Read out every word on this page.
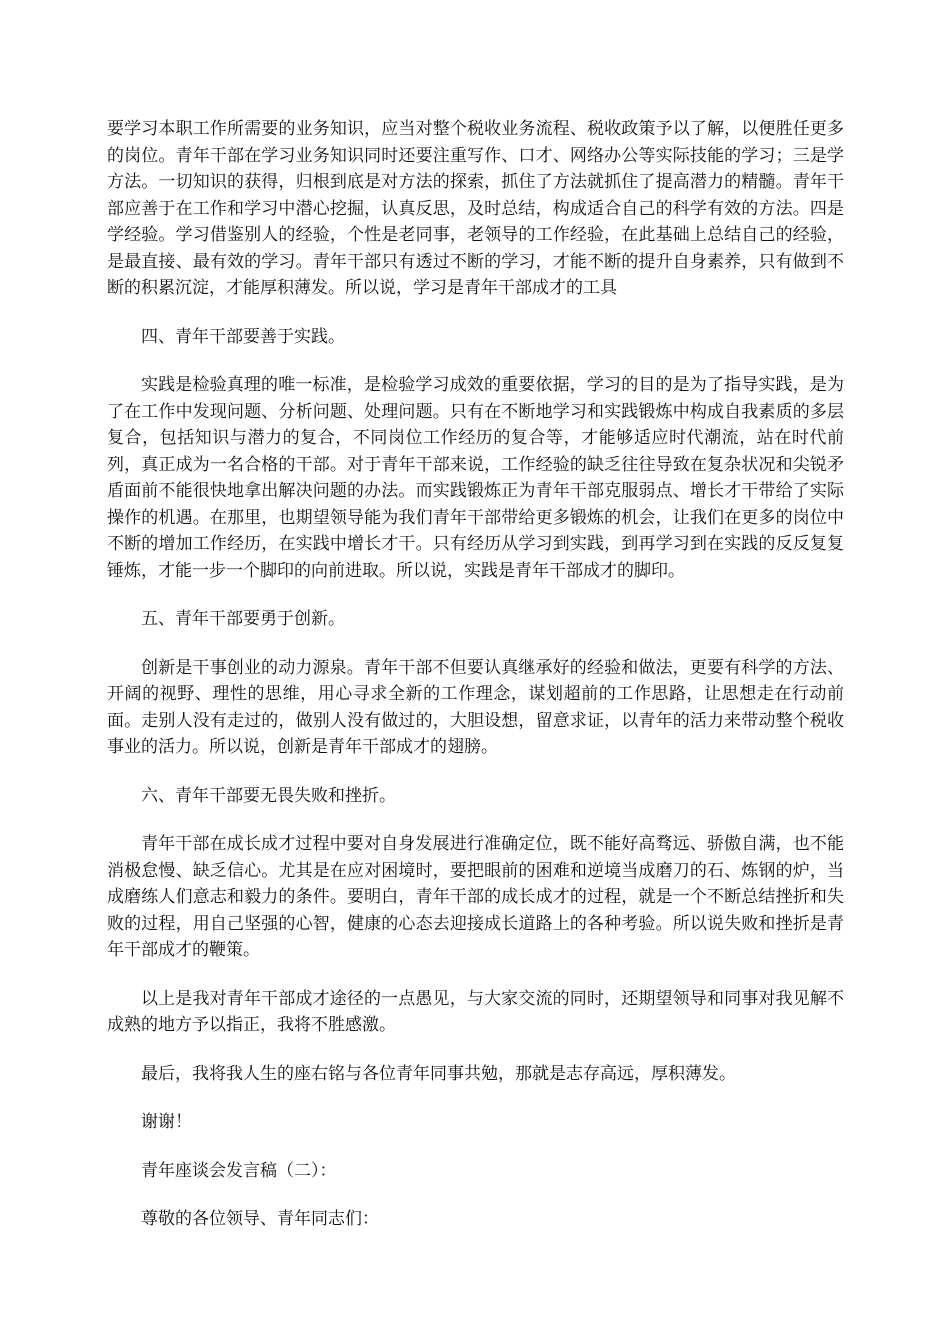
要学习本职工作所需要的业务知识，应当对整个税收业务流程、税收政策予以了解，以便胜任更多的岗位。青年干部在学习业务知识同时还要注重写作、口才、网络办公等实际技能的学习；三是学方法。一切知识的获得，归根到底是对方法的探索，抓住了方法就抓住了提高潜力的精髓。青年干部应善于在工作和学习中潜心挖掘，认真反思，及时总结，构成适合自己的科学有效的方法。四是学经验。学习借鉴别人的经验，个性是老同事，老领导的工作经验，在此基础上总结自己的经验，是最直接、最有效的学习。青年干部只有透过不断的学习，才能不断的提升自身素养，只有做到不断的积累沉淀，才能厚积薄发。所以说，学习是青年干部成才的工具

四、青年干部要善于实践。

实践是检验真理的唯一标准，是检验学习成效的重要依据，学习的目的是为了指导实践，是为了在工作中发现问题、分析问题、处理问题。只有在不断地学习和实践锻炼中构成自我素质的多层复合，包括知识与潜力的复合，不同岗位工作经历的复合等，才能够适应时代潮流，站在时代前列，真正成为一名合格的干部。对于青年干部来说，工作经验的缺乏往往导致在复杂状况和尖锐矛盾面前不能很快地拿出解决问题的办法。而实践锻炼正为青年干部克服弱点、增长才干带给了实际操作的机遇。在那里，也期望领导能为我们青年干部带给更多锻炼的机会，让我们在更多的岗位中不断的增加工作经历，在实践中增长才干。只有经历从学习到实践，到再学习到在实践的反反复复锤炼，才能一步一个脚印的向前进取。所以说，实践是青年干部成才的脚印。

五、青年干部要勇于创新。

创新是干事创业的动力源泉。青年干部不但要认真继承好的经验和做法，更要有科学的方法、开阔的视野、理性的思维，用心寻求全新的工作理念，谋划超前的工作思路，让思想走在行动前面。走别人没有走过的，做别人没有做过的，大胆设想，留意求证，以青年的活力来带动整个税收事业的活力。所以说，创新是青年干部成才的翅膀。

六、青年干部要无畏失败和挫折。

青年干部在成长成才过程中要对自身发展进行准确定位，既不能好高骛远、骄傲自满，也不能消极怠慢、缺乏信心。尤其是在应对困境时，要把眼前的困难和逆境当成磨刀的石、炼钢的炉，当成磨练人们意志和毅力的条件。要明白，青年干部的成长成才的过程，就是一个不断总结挫折和失败的过程，用自己坚强的心智，健康的心态去迎接成长道路上的各种考验。所以说失败和挫折是青年干部成才的鞭策。

以上是我对青年干部成才途径的一点愚见，与大家交流的同时，还期望领导和同事对我见解不成熟的地方予以指正，我将不胜感激。

最后，我将我人生的座右铭与各位青年同事共勉，那就是志存高远，厚积薄发。

谢谢！

青年座谈会发言稿（二）：

尊敬的各位领导、青年同志们：
